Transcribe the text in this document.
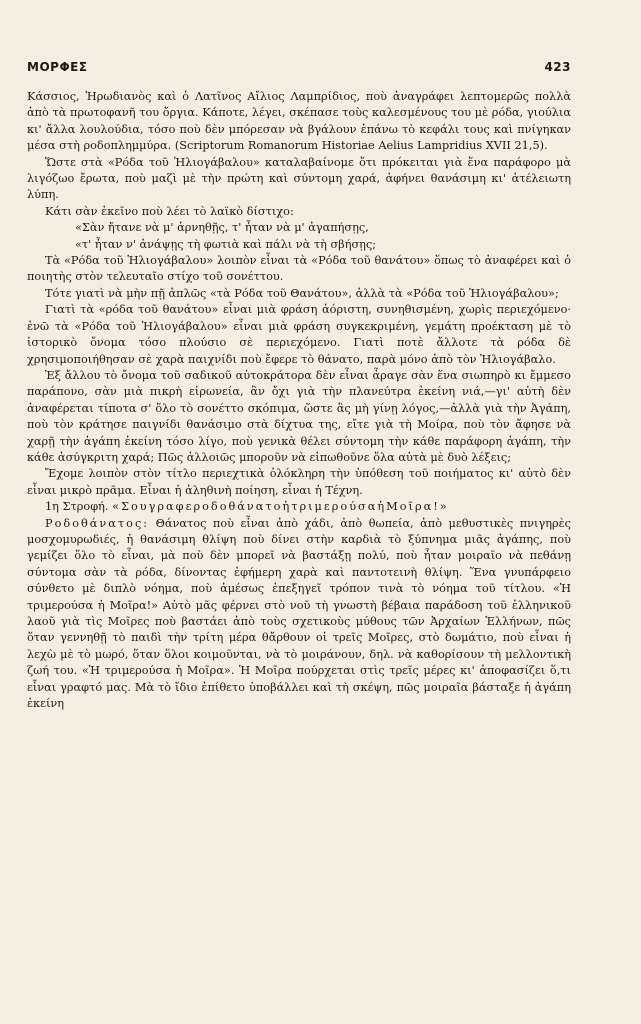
ΜΟΡΦΕΣ	423

Κάσσιος, Ἡρωδιανὸς καὶ ὁ Λατῖνος Αἴλιος Λαμπρίδιος, ποὺ ἀναγράφει λεπτομερῶς πολλὰ ἀπὸ τὰ πρωτοφανῆ του ὄργια. Κάποτε, λέγει, σκέπασε τοὺς καλεσμένους του μὲ ρόδα, γιούλια κι' ἄλλα λουλούδια, τόσο ποὺ δὲν μπόρεσαν νὰ βγάλουν ἐπάνω τὸ κεφάλι τους καὶ πνίγηκαν μέσα στὴ ροδοπλημμύρα. (Scriptorum Romanorum Historiae Aelius Lampridius XVII 21,5).

Ὥστε στὰ «Ρόδα τοῦ Ἡλιογάβαλου» καταλαβαίνομε ὅτι πρόκειται γιὰ ἕνα παράφορο μὰ λιγόζωο ἔρωτα, ποὺ μαζὶ μὲ τὴν πρώτη καὶ σύντομη χαρά, ἀφήνει θανάσιμη κι' ἀτέλειωτη λύπη.

Κάτι σὰν ἐκεῖνο ποὺ λέει τὸ λαϊκὸ δίστιχο:

«Σὰν ἤτανε νὰ μ' ἀρνηθῇς, τ' ἦταν νὰ μ' ἀγαπήσῃς,

«τ' ἦταν ν' ἀνάψῃς τὴ φωτιὰ καὶ πάλι νὰ τὴ σβήσῃς;

Τὰ «Ρόδα τοῦ Ἡλιογάβαλου» λοιπὸν εἶναι τὰ «Ρόδα τοῦ θανάτου» ὅπως τὸ ἀναφέρει καὶ ὁ ποιητὴς στὸν τελευταῖο στίχο τοῦ σονέττου.

Τότε γιατὶ νὰ μὴν πῇ ἁπλῶς «τὰ Ρόδα τοῦ Θανάτου», ἀλλὰ τὰ «Ρόδα τοῦ Ἡλιογάβαλου»;

Γιατὶ τὰ «ρόδα τοῦ θανάτου» εἶναι μιὰ φράση ἀόριστη, συνηθισμένη, χωρὶς περιεχόμενο· ἐνῶ τὰ «Ρόδα τοῦ Ἡλιογάβαλου» εἶναι μιὰ φράση συγκεκριμένη, γεμάτη προέκταση μὲ τὸ ἱστορικὸ ὄνομα τόσο πλούσιο σὲ περιεχόμενο. Γιατὶ ποτὲ ἄλλοτε τὰ ρόδα δὲ χρησιμοποιήθησαν σὲ χαρὰ παιχνίδι ποὺ ἔφερε τὸ θάνατο, παρὰ μόνο ἀπὸ τὸν Ἡλιογάβαλο.

Ἐξ ἄλλου τὸ ὄνομα τοῦ σαδικοῦ αὐτοκράτορα δὲν εἶναι ἆραγε σὰν ἕνα σιωπηρὸ κι ἔμμεσο παράπονο, σὰν μιὰ πικρὴ εἰρωνεία, ἂν ὄχι γιὰ τὴν πλανεύτρα ἐκείνη νιά,—γι' αὐτὴ δὲν ἀναφέρεται τίποτα σ' ὅλο τὸ σονέττο σκόπιμα, ὥστε ἂς μὴ γίνῃ λόγος,—ἀλλὰ γιὰ τὴν Ἀγάπη, ποὺ τὸν κράτησε παιγνίδι θανάσιμο στὰ δίχτυα της, εἴτε γιὰ τὴ Μοίρα, ποὺ τὸν ἄφησε νὰ χαρῇ τὴν ἀγάπη ἐκείνη τόσο λίγο, ποὺ γενικὰ θέλει σύντομη τὴν κάθε παράφορη ἀγάπη, τὴν κάθε ἀσύγκριτη χαρά; Πῶς ἀλλοιῶς μποροῦν νὰ εἰπωθοῦνε ὅλα αὐτὰ μὲ δυὸ λέξεις;

Ἔχομε λοιπὸν στὸν τίτλο περιεχτικὰ ὁλόκληρη τὴν ὑπόθεση τοῦ ποιήματος κι' αὐτὸ δὲν εἶναι μικρὸ πρᾶμα. Εἶναι ἡ ἀληθινὴ ποίηση, εἶναι ἡ Τέχνη.

1η Στροφή. «ΣουγραφεροδοθάνατοἡτριμερούσαἡΜοῖρα!»

Ροδοθάνατος: Θάνατος ποὺ εἶναι ἀπὸ χάδι, ἀπὸ θωπεία, ἀπὸ μεθυστικὲς πνιγηρὲς μοσχομυρωδιές, ἡ θανάσιμη θλίψη ποὺ δίνει στὴν καρδιὰ τὸ ξύπνημα μιᾶς ἀγάπης, ποὺ γεμίζει ὅλο τὸ εἶναι, μὰ ποὺ δὲν μπορεῖ νὰ βαστάξῃ πολύ, ποὺ ἦταν μοιραῖο νὰ πεθάνῃ σύντομα σὰν τὰ ρόδα, δίνοντας ἐφήμερη χαρὰ καὶ παντοτεινὴ θλίψη. Ἕνα γνυπάρφειο σύνθετο μὲ διπλὸ νόημα, ποὺ ἀμέσως ἐπεξηγεῖ τρόπον τινὰ τὸ νόημα τοῦ τίτλου. «Ἡ τριμερούσα ἡ Μοῖρα!» Αὐτὸ μᾶς φέρνει στὸ νοῦ τὴ γνωστὴ βέβαια παράδοση τοῦ ἑλληνικοῦ λαοῦ γιὰ τὶς Μοῖρες ποὺ βαστάει ἀπὸ τοὺς σχετικοὺς μύθους τῶν Ἀρχαίων Ἑλλήνων, πῶς ὅταν γεννηθῇ τὸ παιδὶ τὴν τρίτη μέρα θἄρθουν οἱ τρεῖς Μοῖρες, στὸ δωμάτιο, ποὺ εἶναι ἡ λεχὼ μὲ τὸ μωρό, ὅταν ὅλοι κοιμοῦνται, νὰ τὸ μοιράνουν, δηλ. νὰ καθορίσουν τὴ μελλοντικὴ ζωή του. «Ἡ τριμερούσα ἡ Μοῖρα». Ἡ Μοῖρα πούρχεται στὶς τρεῖς μέρες κι' ἀποφασίζει ὅ,τι εἶναι γραφτό μας. Μὰ τὸ ἴδιο ἐπίθετο ὑποβάλλει καὶ τὴ σκέψη, πῶς μοιραῖα βάσταξε ἡ ἀγάπη ἐκείνη
